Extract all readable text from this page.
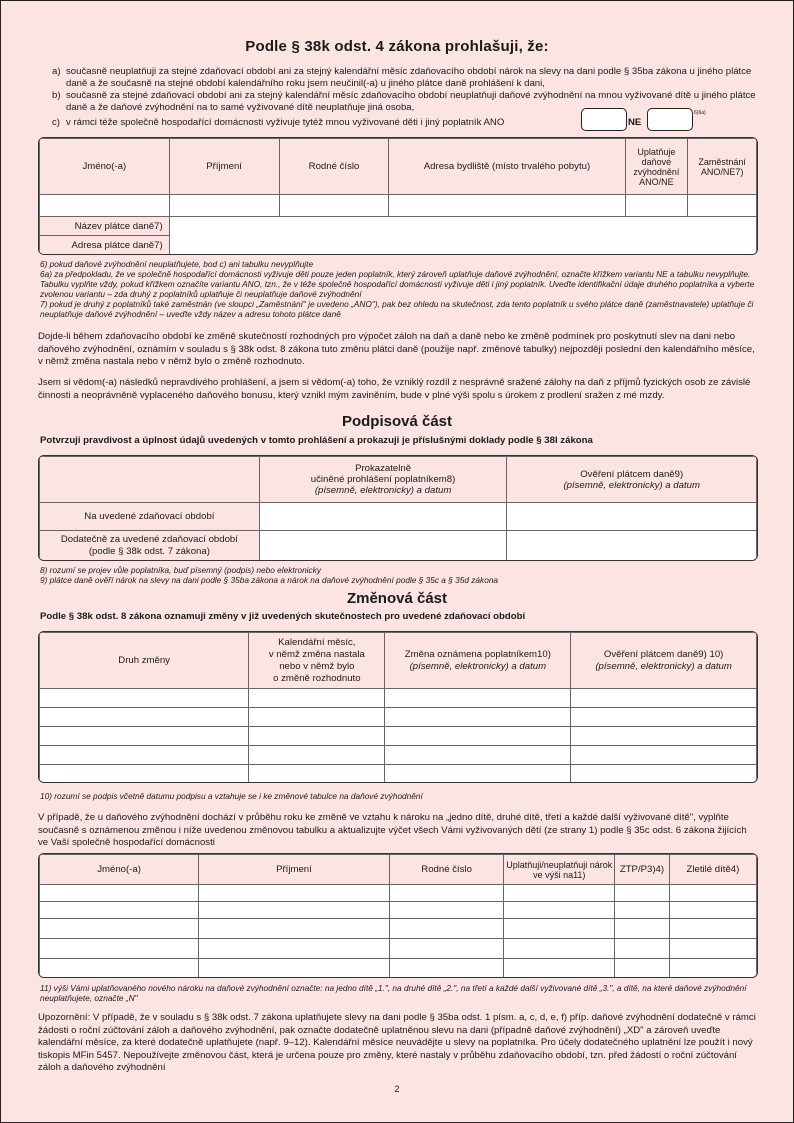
Podle § 38k odst. 4 zákona prohlašuji, že:
a) současně neuplatňuji za stejné zdaňovací období ani za stejný kalendářní měsíc zdaňovacího období nárok na slevy na dani podle § 35ba zákona u jiného plátce daně a že současně na stejné období kalendářního roku jsem neučinil(-a) u jiného plátce daně prohlášení k dani,
b) současně za stejné zdaňovací období ani za stejný kalendářní měsíc zdaňovacího období neuplatňuji daňové zvýhodnění na mnou vyživované dítě u jiného plátce daně a že daňové zvýhodnění na to samé vyživované dítě neuplatňuje jiná osoba,
c) v rámci téže společně hospodařící domácnosti vyživuje tytéž mnou vyživované děti i jiný poplatník ANO	NE
6)6a)
Jméno(-a)	Příjmení	Rodné číslo	Adresa bydliště (místo trvalého pobytu)	Uplatňuje daňové zvýhodnění ANO/NE	Zaměstnání ANO/NE7)

Název plátce daně7)					
Adresa plátce daně7)					

6) pokud daňové zvýhodnění neuplatňujete, bod c) ani tabulku nevyplňujte

6a) za předpokladu, že ve společně hospodařící domácnosti vyživuje děti pouze jeden poplatník, který zároveň uplatňuje daňové zvýhodnění, označte křížkem variantu NE a tabulku nevyplňujte. Tabulku vyplňte vždy, pokud křížkem označíte variantu ANO, tzn., že v téže společně hospodařící domácnosti vyživuje děti i jiný poplatník. Uveďte identifikační údaje druhého poplatníka a vyberte zvolenou variantu – zda druhý z poplatníků uplatňuje či neuplatňuje daňové zvýhodnění

7) pokud je druhý z poplatníků také zaměstnán (ve sloupci „Zaměstnání" je uvedeno „ANO"), pak bez ohledu na skutečnost, zda tento poplatník u svého plátce daně (zaměstnavatele) uplatňuje či neuplatňuje daňové zvýhodnění – uveďte vždy název a adresu tohoto plátce daně

Dojde-li během zdaňovacího období ke změně skutečností rozhodných pro výpočet záloh na daň a daně nebo ke změně podmínek pro poskytnutí slev na dani nebo daňového zvýhodnění, oznámím v souladu s § 38k odst. 8 zákona tuto změnu plátci daně (použije např. změnové tabulky) nejpozději poslední den kalendářního měsíce, v němž změna nastala nebo v němž bylo o změně rozhodnuto.
Jsem si vědom(-a) následků nepravdivého prohlášení, a jsem si vědom(-a) toho, že vzniklý rozdíl z nesprávně sražené zálohy na daň z příjmů fyzických osob ze závislé činnosti a neoprávněně vyplaceného daňového bonusu, který vznikl mým zaviněním, bude v plné výši spolu s úrokem z prodlení sražen z mé mzdy.
Podpisová část
Potvrzuji pravdivost a úplnost údajů uvedených v tomto prohlášení a prokazuji je příslušnými doklady podle § 38l zákona
	Prokazatelně
učiněné prohlášení poplatníkem8)
(písemně, elektronicky) a datum	Ověření plátcem daně9)
(písemně, elektronicky) a datum
Na uvedené zdaňovací období		
Dodatečně za uvedené zdaňovací období
(podle § 38k odst. 7 zákona)		

8) rozumí se projev vůle poplatníka, buď písemný (podpis) nebo elektronicky

9) plátce daně ověří nárok na slevy na dani podle § 35ba zákona a nárok na daňové zvýhodnění podle § 35c a § 35d zákona

Změnová část
Podle § 38k odst. 8 zákona oznamuji změny v již uvedených skutečnostech pro uvedené zdaňovací období
Druh změny	Kalendářní měsíc,
v němž změna nastala
nebo v němž bylo
o změně rozhodnuto	Změna oznámena poplatníkem10)
(písemně, elektronicky) a datum	Ověření plátcem daně9) 10)
(písemně, elektronicky) a datum

10) rozumí se podpis včetně datumu podpisu a vztahuje se i ke změnové tabulce na daňové zvýhodnění
V případě, že u daňového zvýhodnění dochází v průběhu roku ke změně ve vztahu k nároku na „jedno dítě, druhé dítě, třetí a každé další vyživované dítě", vyplňte současně s oznámenou změnou i níže uvedenou změnovou tabulku a aktualizujte výčet všech Vámi vyživovaných dětí (ze strany 1) podle § 35c odst. 6 zákona žijících ve Vaší společně hospodařící domácnosti
Jméno(-a)	Příjmení	Rodné číslo	Uplatňuji/neuplatňuji nárok ve výši na11)	ZTP/P3)4)	Zletilé dítě4)

11) výši Vámi uplatňovaného nového nároku na daňové zvýhodnění označte: na jedno dítě „1.", na druhé dítě „2.", na třetí a každé další vyživované dítě „3.", a dítě, na které daňové zvýhodnění neuplatňujete, označte „N"
Upozornění: V případě, že v souladu s § 38k odst. 7 zákona uplatňujete slevy na dani podle § 35ba odst. 1 písm. a, c, d, e, f) příp. daňové zvýhodnění dodatečně v rámci žádosti o roční zúčtování záloh a daňového zvýhodnění, pak označte dodatečně uplatněnou slevu na dani (případně daňové zvýhodnění) „XD" a zároveň uveďte kalendářní měsíce, za které dodatečně uplatňujete (např. 9–12). Kalendářní měsíce neuvádějte u slevy na poplatníka. Pro účely dodatečného uplatnění lze použít i nový tiskopis MFin 5457. Nepoužívejte změnovou část, která je určena pouze pro změny, které nastaly v průběhu zdaňovacího období, tzn. před žádostí o roční zúčtování záloh a daňového zvýhodnění
2
